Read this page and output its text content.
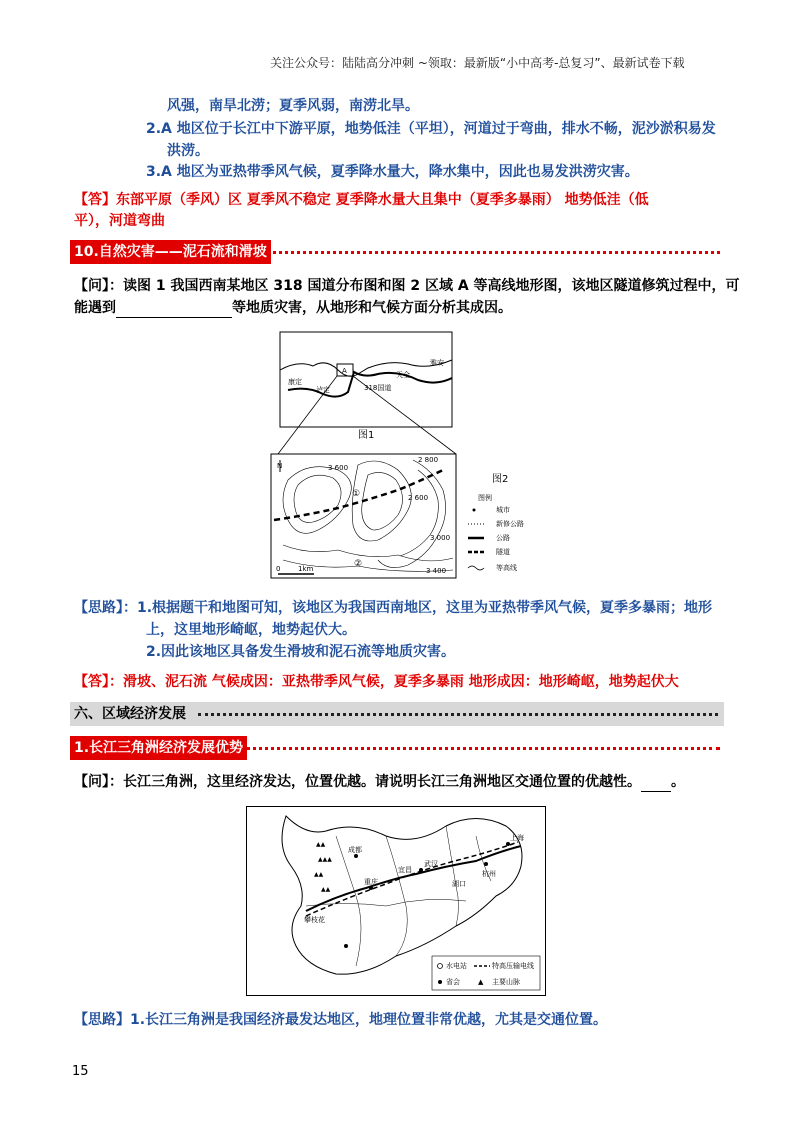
关注公众号：陆陆高分冲刺 ~领取：最新版“小中高考-总复习”、最新试卷下载
风强，南旱北涝；夏季风弱，南涝北旱。
2.A 地区位于长江中下游平原，地势低洼（平坦），河道过于弯曲，排水不畅，泥沙淤积易发
洪涝。
3.A 地区为亚热带季风气候，夏季降水量大，降水集中，因此也易发洪涝灾害。
【答】东部平原（季风）区 夏季风不稳定 夏季降水量大且集中（夏季多暴雨） 地势低洼（低
平），河道弯曲
10.自然灾害——泥石流和滑坡
【问】：读图 1 我国西南某地区 318 国道分布图和图 2 区域 A 等高线地形图，该地区隧道修筑过程中，可
能遇到	等地质灾害，从地形和气候方面分析其成因。
A
康定
泸定
天全
雅安
318国道
图1
N	3 600
2 800
2 600
3 000
3 400
①
②
0	1km
图2
图例
城市
新修公路
公路
隧道
等高线
【思路】：1.根据题干和地图可知，该地区为我国西南地区，这里为亚热带季风气候，夏季多暴雨；地形
上，这里地形崎岖，地势起伏大。
2.因此该地区具备发生滑坡和泥石流等地质灾害。
【答】：滑坡、泥石流 气候成因：亚热带季风气候，夏季多暴雨 地形成因：地形崎岖，地势起伏大
六、区域经济发展
1.长江三角洲经济发展优势
【问】：长江三角洲，这里经济发达，位置优越。请说明长江三角洲地区交通位置的优越性。 。
▲▲
▲▲▲
▲▲
▲▲
成都
重庆
宜昌
武汉
杭州
上海
湖口
攀枝花
水电站	特高压输电线
省会	▲ 主要山脉
【思路】1.长江三角洲是我国经济最发达地区，地理位置非常优越，尤其是交通位置。
15
